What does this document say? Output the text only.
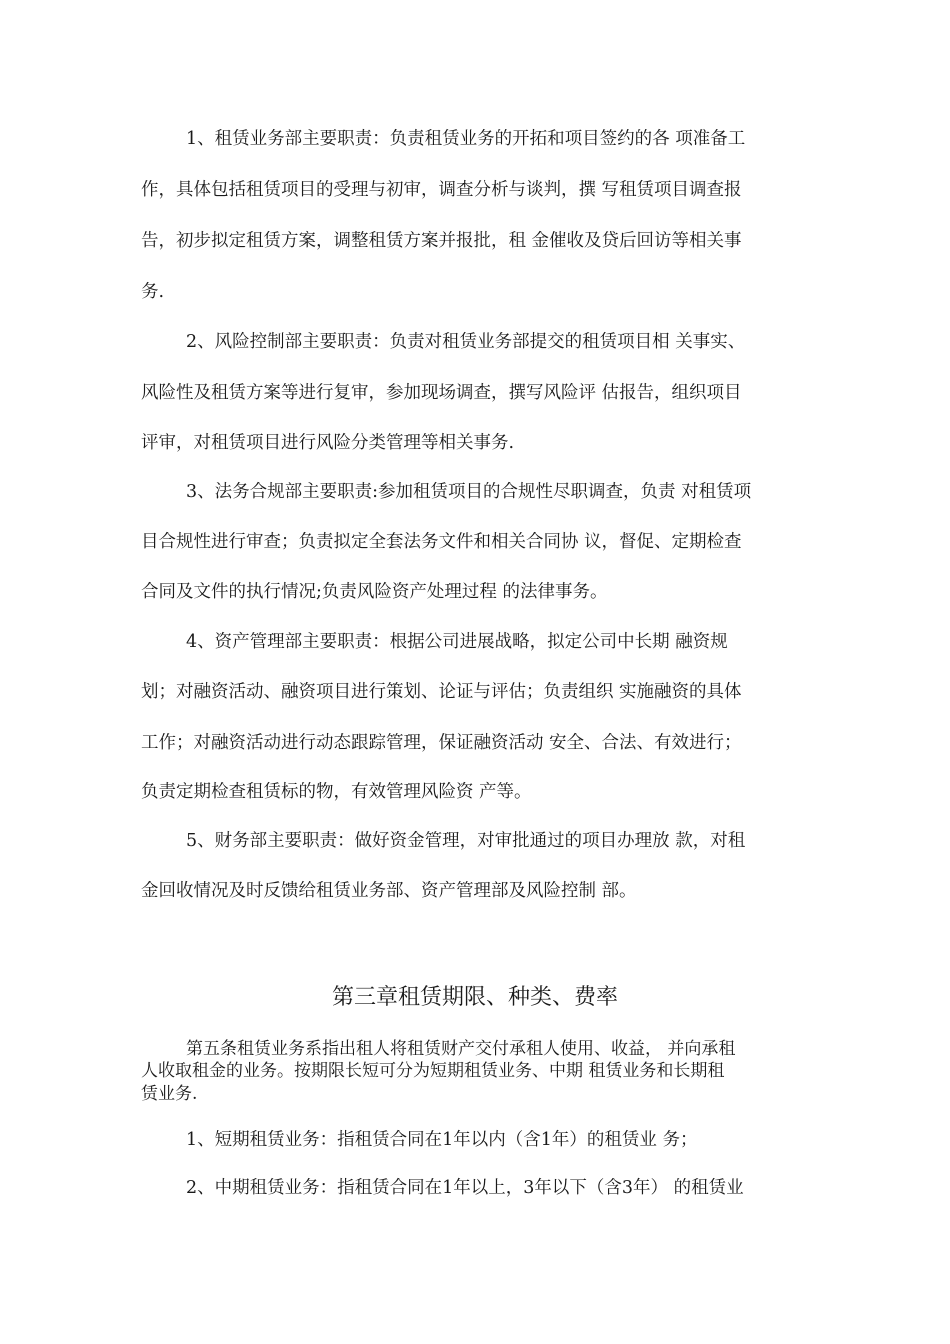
1、租赁业务部主要职责：负责租赁业务的开拓和项目签约的各 项准备工
作，具体包括租赁项目的受理与初审，调查分析与谈判，撰 写租赁项目调查报
告，初步拟定租赁方案，调整租赁方案并报批，租 金催收及贷后回访等相关事
务.
2、风险控制部主要职责：负责对租赁业务部提交的租赁项目相 关事实、
风险性及租赁方案等进行复审，参加现场调查，撰写风险评 估报告，组织项目
评审，对租赁项目进行风险分类管理等相关事务.
3、法务合规部主要职责:参加租赁项目的合规性尽职调查，负责 对租赁项
目合规性进行审查；负责拟定全套法务文件和相关合同协 议，督促、定期检查
合同及文件的执行情况;负责风险资产处理过程 的法律事务。
4、资产管理部主要职责：根据公司进展战略，拟定公司中长期 融资规
划；对融资活动、融资项目进行策划、论证与评估；负责组织 实施融资的具体
工作；对融资活动进行动态跟踪管理，保证融资活动 安全、合法、有效进行；
负责定期检查租赁标的物，有效管理风险资 产等。
5、财务部主要职责：做好资金管理，对审批通过的项目办理放 款，对租
金回收情况及时反馈给租赁业务部、资产管理部及风险控制 部。
第三章租赁期限、种类、费率
第五条租赁业务系指出租人将租赁财产交付承租人使用、收益， 并向承租
人收取租金的业务。按期限长短可分为短期租赁业务、中期 租赁业务和长期租
赁业务.
1、短期租赁业务：指租赁合同在1年以内（含1年）的租赁业 务；
2、中期租赁业务：指租赁合同在1年以上，3年以下（含3年） 的租赁业
